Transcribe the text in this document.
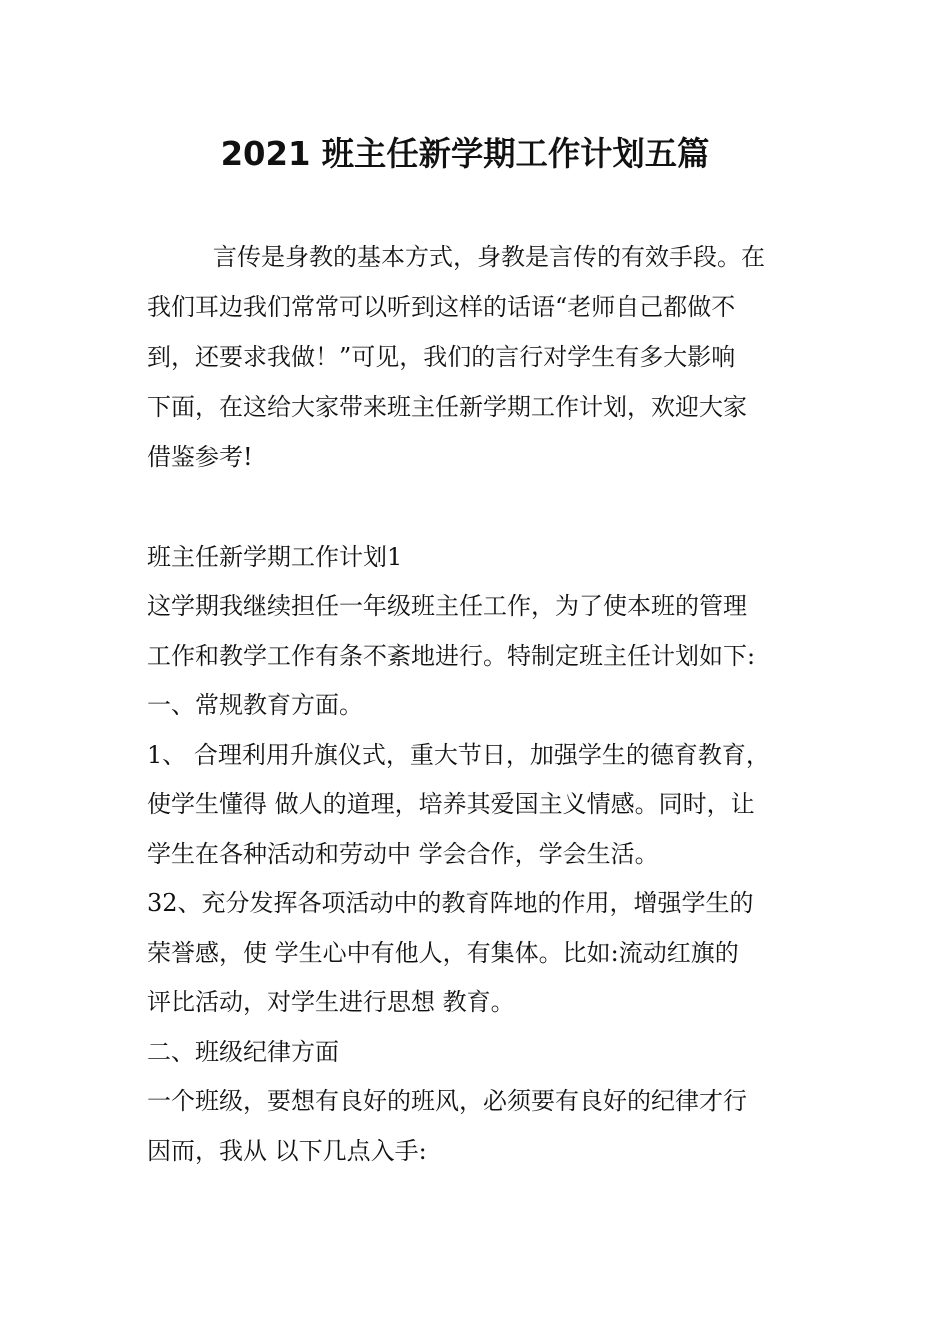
2021 班主任新学期工作计划五篇
言传是身教的基本方式，身教是言传的有效手段。在
我们耳边我们常常可以听到这样的话语“老师自己都做不
到，还要求我做！”可见，我们的言行对学生有多大影响
下面，在这给大家带来班主任新学期工作计划，欢迎大家
借鉴参考!
班主任新学期工作计划1
这学期我继续担任一年级班主任工作，为了使本班的管理
工作和教学工作有条不紊地进行。特制定班主任计划如下:
一、常规教育方面。
1、 合理利用升旗仪式，重大节日，加强学生的德育教育，
使学生懂得 做人的道理，培养其爱国主义情感。同时，让
学生在各种活动和劳动中 学会合作，学会生活。
32、充分发挥各项活动中的教育阵地的作用，增强学生的
荣誉感，使 学生心中有他人，有集体。比如:流动红旗的
评比活动，对学生进行思想 教育。
二、班级纪律方面
一个班级，要想有良好的班风，必须要有良好的纪律才行
因而，我从 以下几点入手:
